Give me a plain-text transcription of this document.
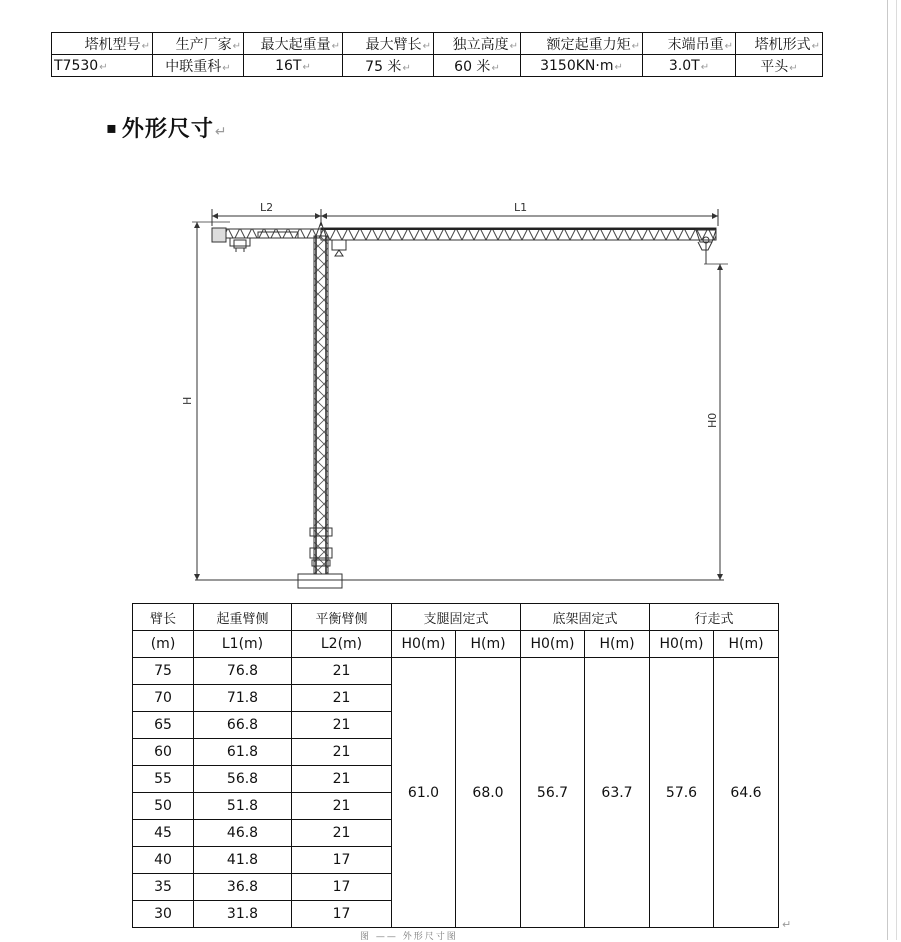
塔机型号↵	生产厂家↵	最大起重量↵	最大臂长↵	独立高度↵	额定起重力矩↵	末端吊重↵	塔机形式↵
T7530↵	中联重科↵	16T↵	75 米↵	60 米↵	3150KN·m↵	3.0T↵	平头↵
▪ 外形尺寸↵
L2	L1
H
H0
臂长	起重臂侧	平衡臂侧	支腿固定式		底架固定式		行走式	
(m)	L1(m)	L2(m)	H0(m)	H(m)	H0(m)	H(m)	H0(m)	H(m)
75	76.8	21	61.0	68.0	56.7	63.7	57.6	64.6
70	71.8	21						
65	66.8	21						
60	61.8	21						
55	56.8	21						
50	51.8	21						
45	46.8	21						
40	41.8	17						
35	36.8	17						
30	31.8	17						
↵
图 —— 外形尺寸图
